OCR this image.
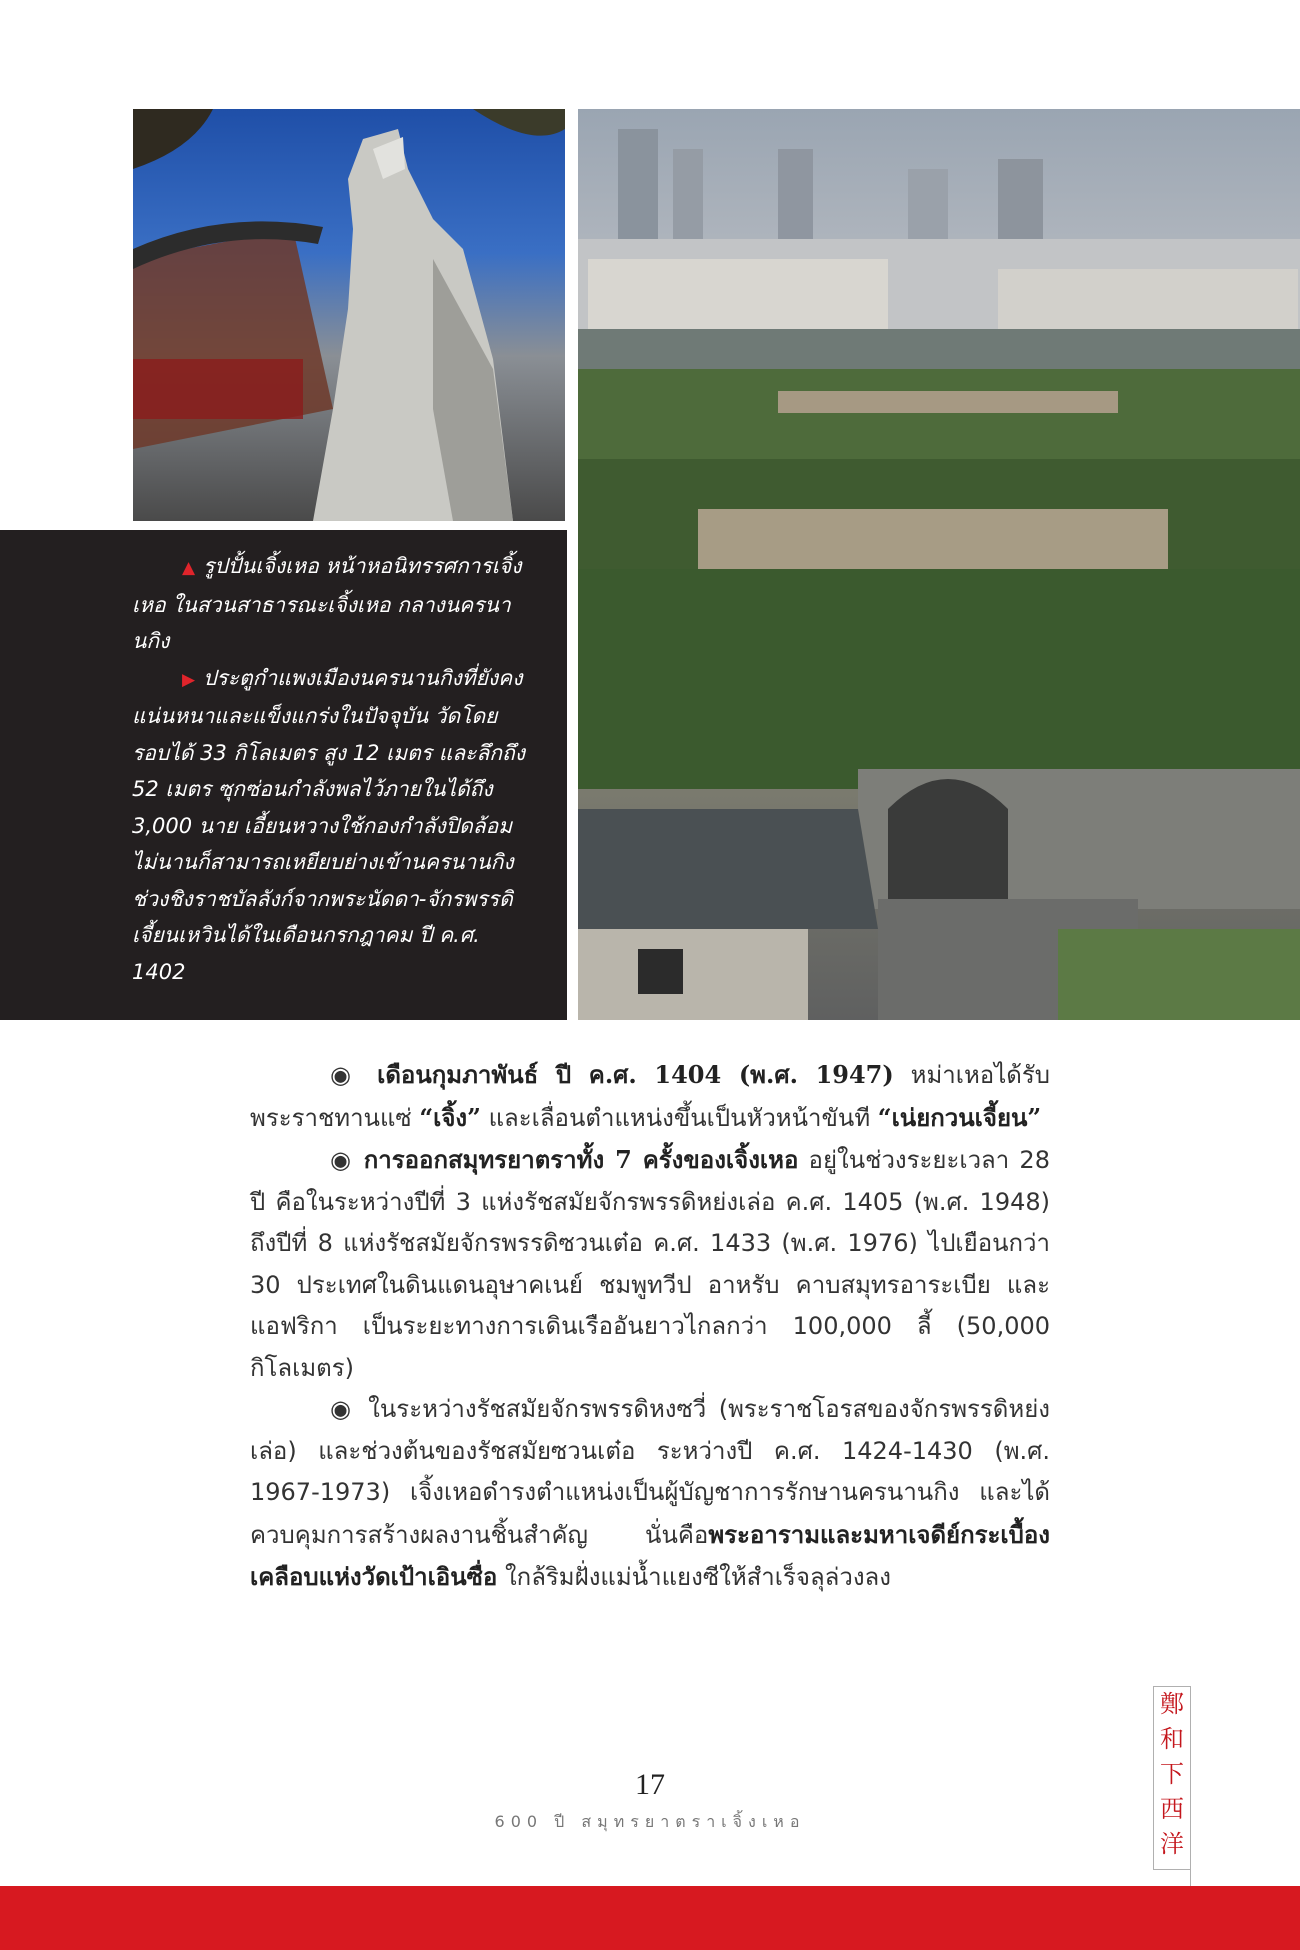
▲ รูปปั้นเจิ้งเหอ หน้าหอนิทรรศการเจิ้งเหอ ในสวนสาธารณะเจิ้งเหอ กลางนครนานกิง

▶ ประตูกำแพงเมืองนครนานกิงที่ยังคงแน่นหนาและแข็งแกร่งในปัจจุบัน วัดโดยรอบได้ 33 กิโลเมตร สูง 12 เมตร และลึกถึง 52 เมตร ซุกซ่อนกำลังพลไว้ภายในได้ถึง 3,000 นาย เอี้ยนหวางใช้กองกำลังปิดล้อมไม่นานก็สามารถเหยียบย่างเข้านครนานกิง ช่วงชิงราชบัลลังก์จากพระนัดดา-จักรพรรดิเจี้ยนเหวินได้ในเดือนกรกฎาคม ปี ค.ศ. 1402

◉ เดือนกุมภาพันธ์ ปี ค.ศ. 1404 (พ.ศ. 1947) หม่าเหอได้รับพระราชทานแซ่ “เจิ้ง” และเลื่อนตำแหน่งขึ้นเป็นหัวหน้าขันที “เน่ยกวนเจี้ยน”

◉ การออกสมุทรยาตราทั้ง 7 ครั้งของเจิ้งเหอ อยู่ในช่วงระยะเวลา 28 ปี คือในระหว่างปีที่ 3 แห่งรัชสมัยจักรพรรดิหย่งเล่อ ค.ศ. 1405 (พ.ศ. 1948) ถึงปีที่ 8 แห่งรัชสมัยจักรพรรดิซวนเต๋อ ค.ศ. 1433 (พ.ศ. 1976) ไปเยือนกว่า 30 ประเทศในดินแดนอุษาคเนย์ ชมพูทวีป อาหรับ คาบสมุทรอาระเบีย และแอฟริกา เป็นระยะทางการเดินเรืออันยาวไกลกว่า 100,000 ลี้ (50,000 กิโลเมตร)

◉ ในระหว่างรัชสมัยจักรพรรดิหงซวี่ (พระราชโอรสของจักรพรรดิหย่งเล่อ) และช่วงต้นของรัชสมัยซวนเต๋อ ระหว่างปี ค.ศ. 1424-1430 (พ.ศ. 1967-1973) เจิ้งเหอดำรงตำแหน่งเป็นผู้บัญชาการรักษานครนานกิง และได้ควบคุมการสร้างผลงานชิ้นสำคัญ นั่นคือพระอารามและมหาเจดีย์กระเบื้องเคลือบแห่งวัดเป้าเอินซื่อ ใกล้ริมฝั่งแม่น้ำแยงซีให้สำเร็จลุล่วงลง

17
600 ปี สมุทรยาตราเจิ้งเหอ
鄭
和
下
西
洋
